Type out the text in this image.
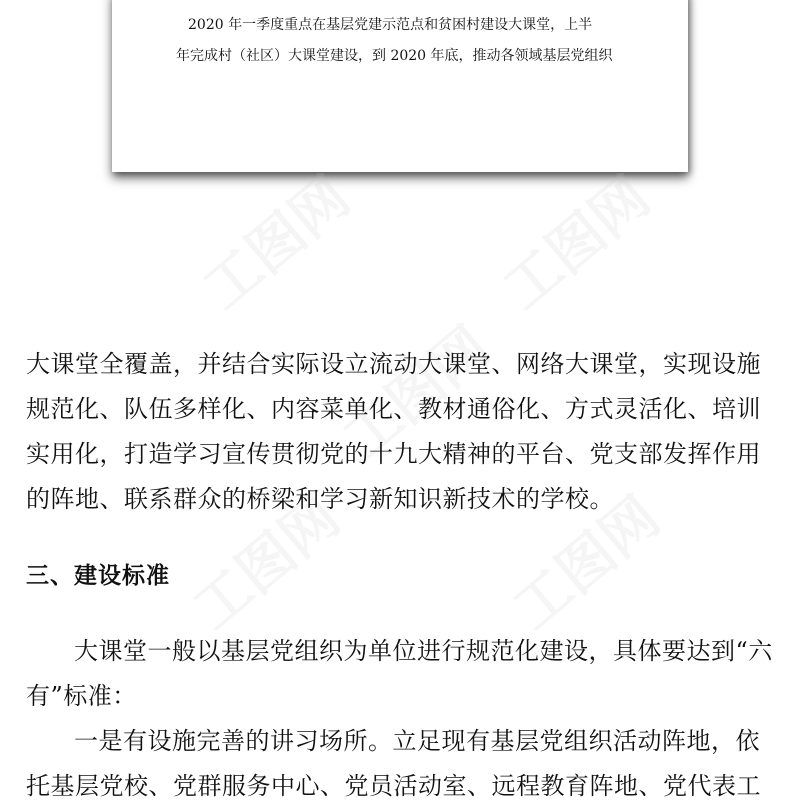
2020 年一季度重点在基层党建示范点和贫困村建设大课堂，上半
年完成村（社区）大课堂建设，到 2020 年底，推动各领域基层党组织
工图网 工图网
工图网
工图网	工图网
大课堂全覆盖，并结合实际设立流动大课堂、网络大课堂，实现设施
规范化、队伍多样化、内容菜单化、教材通俗化、方式灵活化、培训
实用化，打造学习宣传贯彻党的十九大精神的平台、党支部发挥作用
的阵地、联系群众的桥梁和学习新知识新技术的学校。
三、建设标准
大课堂一般以基层党组织为单位进行规范化建设，具体要达到“六
有”标准：
一是有设施完善的讲习场所。立足现有基层党组织活动阵地，依
托基层党校、党群服务中心、党员活动室、远程教育阵地、党代表工
